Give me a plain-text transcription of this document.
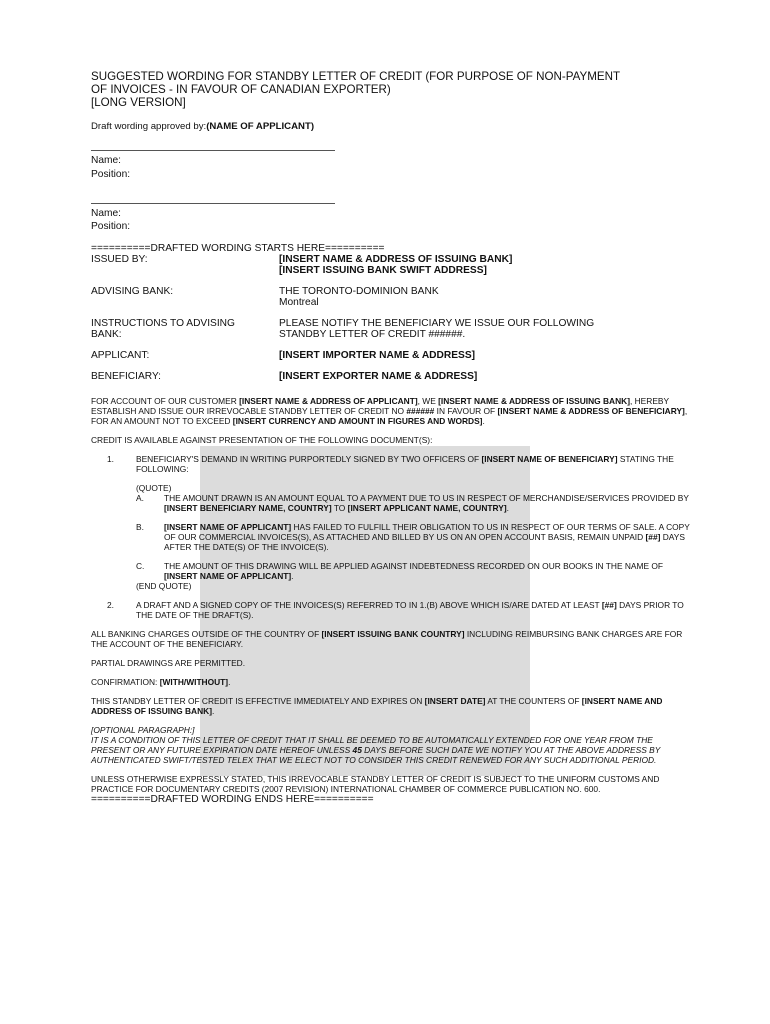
SUGGESTED WORDING FOR STANDBY LETTER OF CREDIT (FOR PURPOSE OF NON-PAYMENT

OF INVOICES - IN FAVOUR OF CANADIAN EXPORTER)

[LONG VERSION]

Draft wording approved by:(NAME OF APPLICANT)
Name:
Position:
Name:
Position:
==========DRAFTED WORDING STARTS HERE==========
ISSUED BY:	[INSERT NAME & ADDRESS OF ISSUING BANK]
[INSERT ISSUING BANK SWIFT ADDRESS]
ADVISING BANK:	THE TORONTO-DOMINION BANK
Montreal
INSTRUCTIONS TO ADVISING
BANK:
PLEASE NOTIFY THE BENEFICIARY WE ISSUE OUR FOLLOWING
STANDBY LETTER OF CREDIT ######.
APPLICANT:	[INSERT IMPORTER NAME & ADDRESS]
BENEFICIARY:	[INSERT EXPORTER NAME & ADDRESS]
FOR ACCOUNT OF OUR CUSTOMER [INSERT NAME & ADDRESS OF APPLICANT], WE [INSERT NAME & ADDRESS OF ISSUING BANK], HEREBY ESTABLISH AND ISSUE OUR IRREVOCABLE STANDBY LETTER OF CREDIT NO ###### IN FAVOUR OF [INSERT NAME & ADDRESS OF BENEFICIARY], FOR AN AMOUNT NOT TO EXCEED [INSERT CURRENCY AND AMOUNT IN FIGURES AND WORDS].
CREDIT IS AVAILABLE AGAINST PRESENTATION OF THE FOLLOWING DOCUMENT(S):
1.	BENEFICIARY'S DEMAND IN WRITING PURPORTEDLY SIGNED BY TWO OFFICERS OF [INSERT NAME OF BENEFICIARY] STATING THE FOLLOWING:
(QUOTE)
A.	THE AMOUNT DRAWN IS AN AMOUNT EQUAL TO A PAYMENT DUE TO US IN RESPECT OF MERCHANDISE/SERVICES PROVIDED BY [INSERT BENEFICIARY NAME, COUNTRY] TO [INSERT APPLICANT NAME, COUNTRY].
B.	[INSERT NAME OF APPLICANT] HAS FAILED TO FULFILL THEIR OBLIGATION TO US IN RESPECT OF OUR TERMS OF SALE. A COPY OF OUR COMMERCIAL INVOICES(S), AS ATTACHED AND BILLED BY US ON AN OPEN ACCOUNT BASIS, REMAIN UNPAID [##] DAYS AFTER THE DATE(S) OF THE INVOICE(S).
C.	THE AMOUNT OF THIS DRAWING WILL BE APPLIED AGAINST INDEBTEDNESS RECORDED ON OUR BOOKS IN THE NAME OF [INSERT NAME OF APPLICANT].
(END QUOTE)
2.	A DRAFT AND A SIGNED COPY OF THE INVOICES(S) REFERRED TO IN 1.(B) ABOVE WHICH IS/ARE DATED AT LEAST [##] DAYS PRIOR TO THE DATE OF THE DRAFT(S).
ALL BANKING CHARGES OUTSIDE OF THE COUNTRY OF [INSERT ISSUING BANK COUNTRY] INCLUDING REIMBURSING BANK CHARGES ARE FOR THE ACCOUNT OF THE BENEFICIARY.
PARTIAL DRAWINGS ARE PERMITTED.
CONFIRMATION: [WITH/WITHOUT].
THIS STANDBY LETTER OF CREDIT IS EFFECTIVE IMMEDIATELY AND EXPIRES ON [INSERT DATE] AT THE COUNTERS OF [INSERT NAME AND ADDRESS OF ISSUING BANK].
[OPTIONAL PARAGRAPH:]
IT IS A CONDITION OF THIS LETTER OF CREDIT THAT IT SHALL BE DEEMED TO BE AUTOMATICALLY EXTENDED FOR ONE YEAR FROM THE PRESENT OR ANY FUTURE EXPIRATION DATE HEREOF UNLESS 45 DAYS BEFORE SUCH DATE WE NOTIFY YOU AT THE ABOVE ADDRESS BY AUTHENTICATED SWIFT/TESTED TELEX THAT WE ELECT NOT TO CONSIDER THIS CREDIT RENEWED FOR ANY SUCH ADDITIONAL PERIOD.
UNLESS OTHERWISE EXPRESSLY STATED, THIS IRREVOCABLE STANDBY LETTER OF CREDIT IS SUBJECT TO THE UNIFORM CUSTOMS AND PRACTICE FOR DOCUMENTARY CREDITS (2007 REVISION) INTERNATIONAL CHAMBER OF COMMERCE PUBLICATION NO. 600.
==========DRAFTED WORDING ENDS HERE==========
